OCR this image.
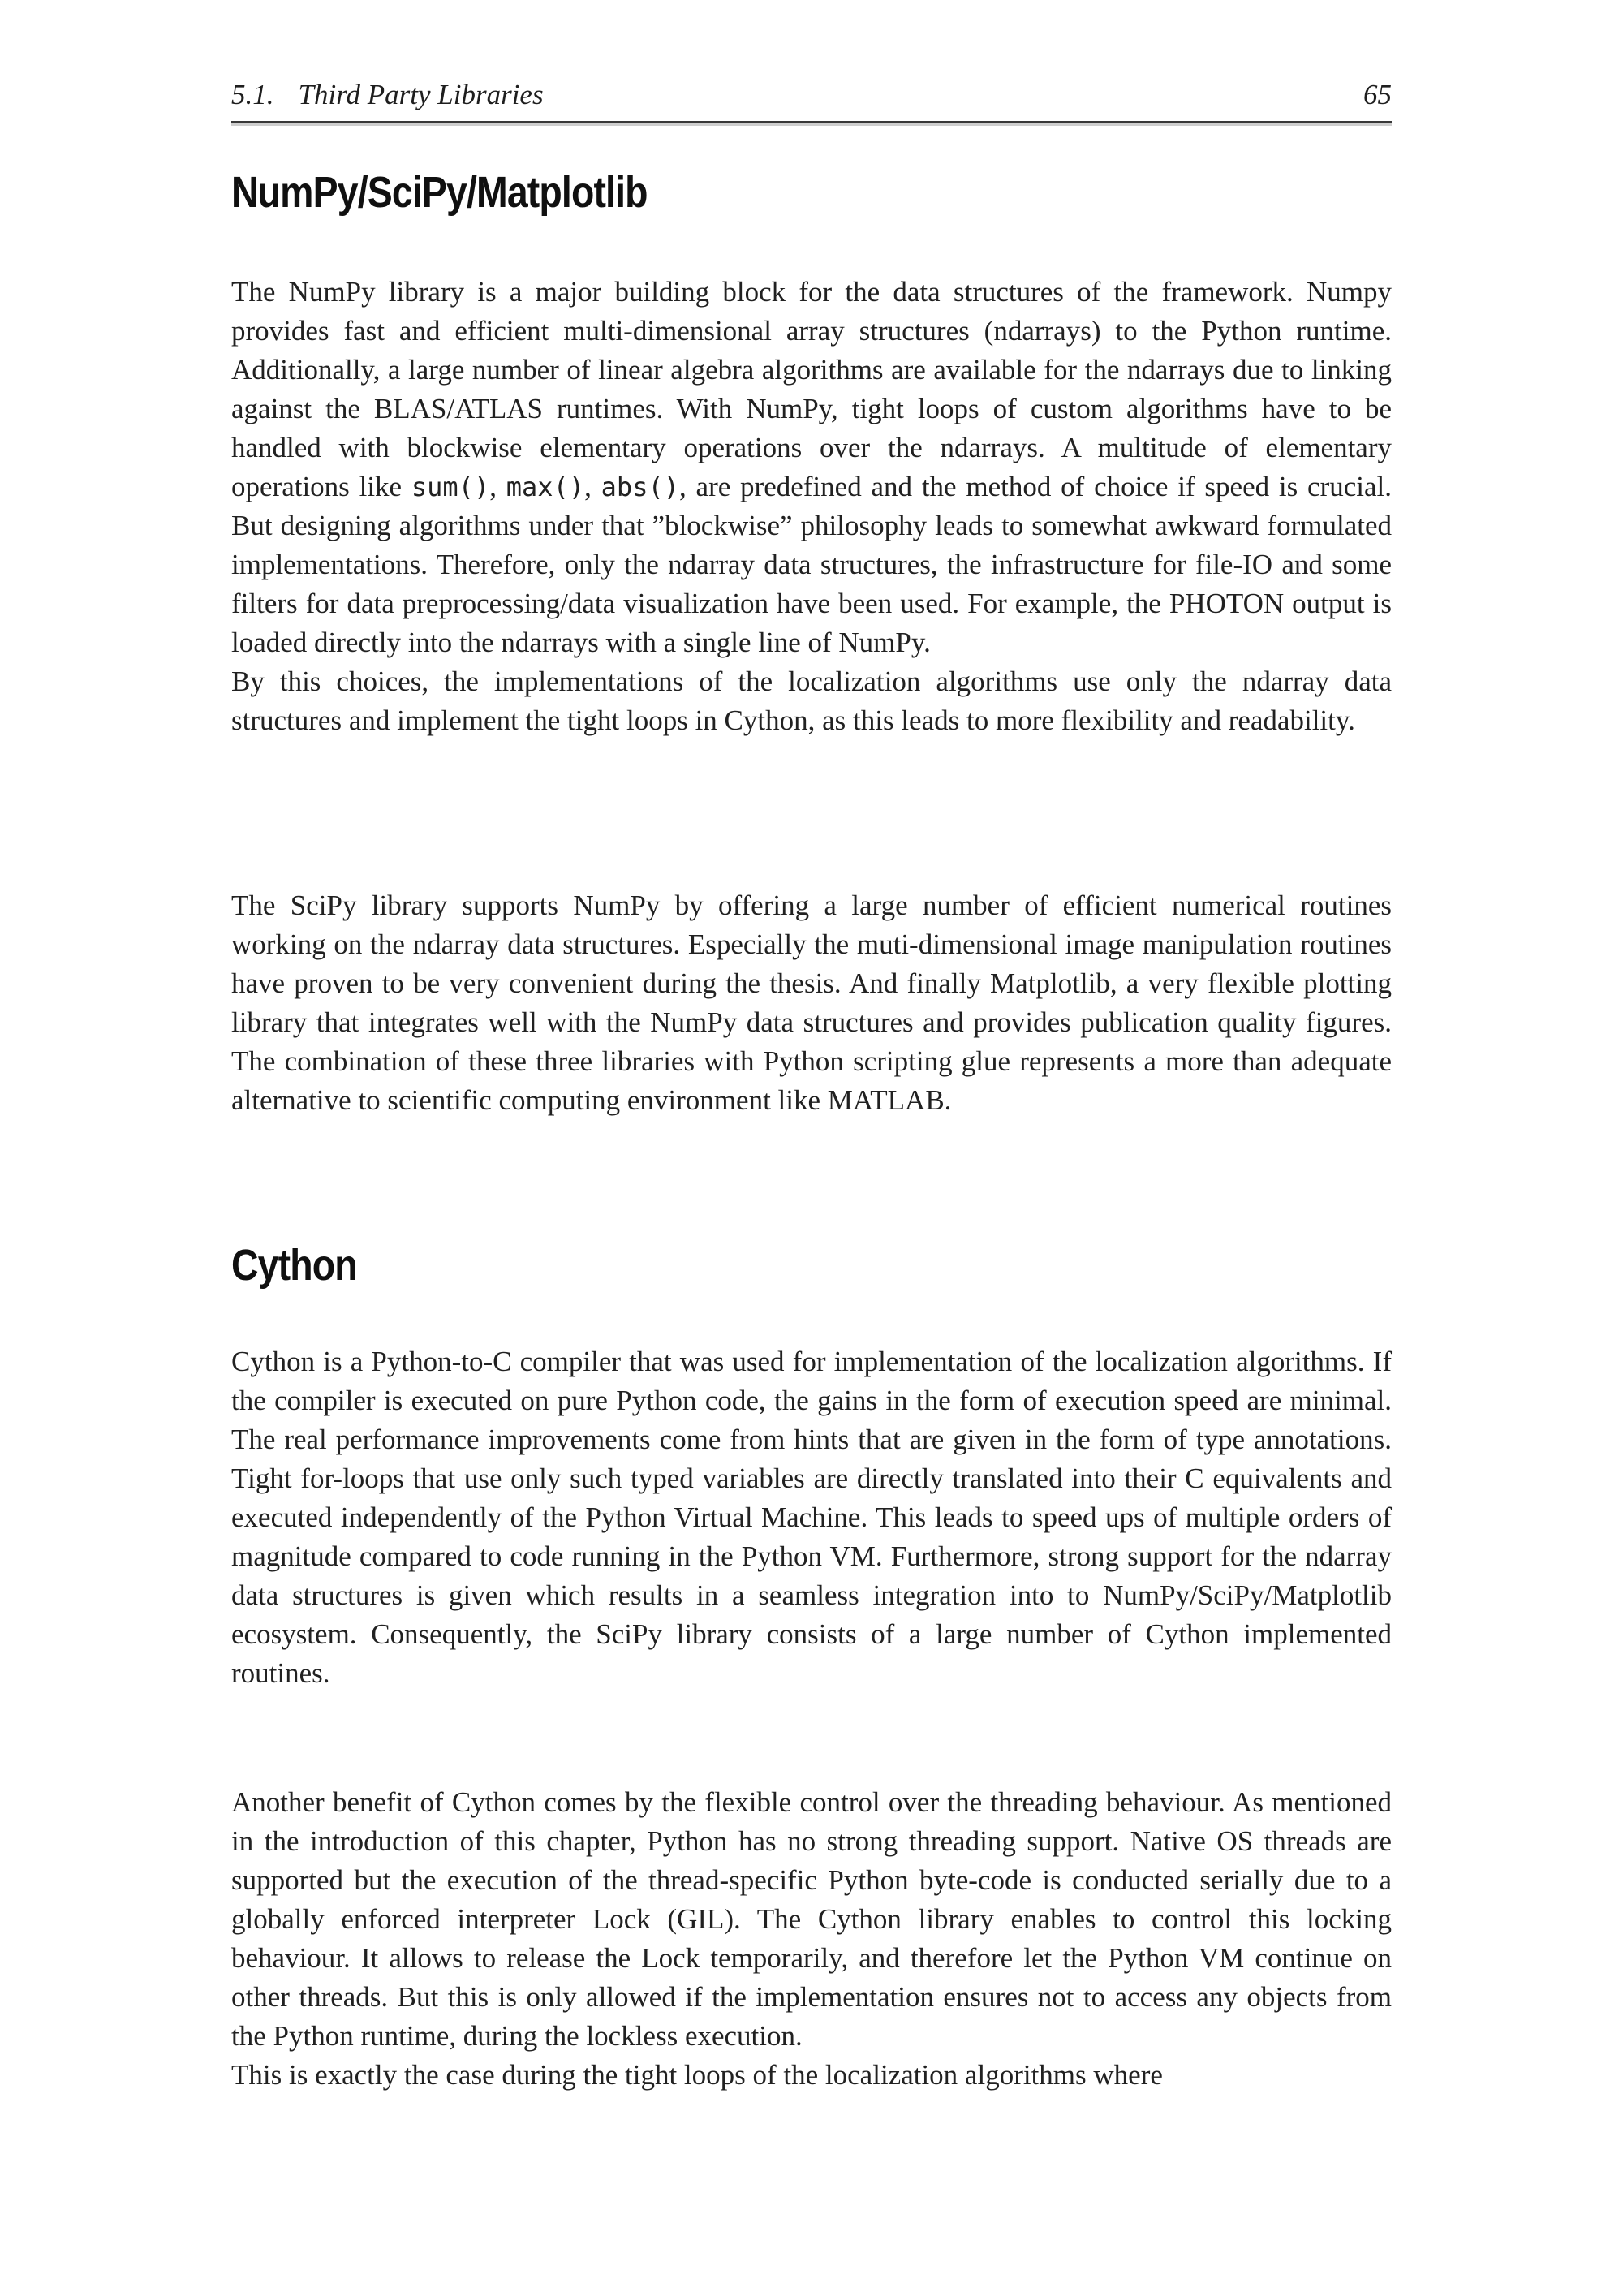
5.1. Third Party Libraries	65
NumPy/SciPy/Matplotlib
The NumPy library is a major building block for the data structures of the framework. Numpy provides fast and efficient multi-dimensional array structures (ndarrays) to the Python runtime. Additionally, a large number of linear algebra algorithms are available for the ndarrays due to linking against the BLAS/ATLAS runtimes. With NumPy, tight loops of custom algorithms have to be handled with blockwise elementary operations over the ndarrays. A multitude of elementary operations like sum(), max(), abs(), are predefined and the method of choice if speed is crucial. But designing algorithms under that ”blockwise” philosophy leads to somewhat awkward formulated implementations. Therefore, only the ndarray data structures, the infrastructure for file-IO and some filters for data preprocessing/data visualization have been used. For example, the PHOTON output is loaded directly into the ndarrays with a single line of NumPy.
By this choices, the implementations of the localization algorithms use only the ndarray data structures and implement the tight loops in Cython, as this leads to more flexibility and readability.
The SciPy library supports NumPy by offering a large number of efficient numerical routines working on the ndarray data structures. Especially the muti-dimensional image manipulation routines have proven to be very convenient during the thesis. And finally Matplotlib, a very flexible plotting library that integrates well with the NumPy data structures and provides publication quality figures. The combination of these three libraries with Python scripting glue represents a more than adequate alternative to scientific computing environment like MATLAB.
Cython
Cython is a Python-to-C compiler that was used for implementation of the localization algorithms. If the compiler is executed on pure Python code, the gains in the form of execution speed are minimal. The real performance improvements come from hints that are given in the form of type annotations. Tight for-loops that use only such typed variables are directly translated into their C equivalents and executed independently of the Python Virtual Machine. This leads to speed ups of multiple orders of magnitude compared to code running in the Python VM. Furthermore, strong support for the ndarray data structures is given which results in a seamless integration into to NumPy/SciPy/Matplotlib ecosystem. Consequently, the SciPy library consists of a large number of Cython implemented routines.
Another benefit of Cython comes by the flexible control over the threading behaviour. As mentioned in the introduction of this chapter, Python has no strong threading support. Native OS threads are supported but the execution of the thread-specific Python byte-code is conducted serially due to a globally enforced interpreter Lock (GIL). The Cython library enables to control this locking behaviour. It allows to release the Lock temporarily, and therefore let the Python VM continue on other threads. But this is only allowed if the implementation ensures not to access any objects from the Python runtime, during the lockless execution.
This is exactly the case during the tight loops of the localization algorithms where
